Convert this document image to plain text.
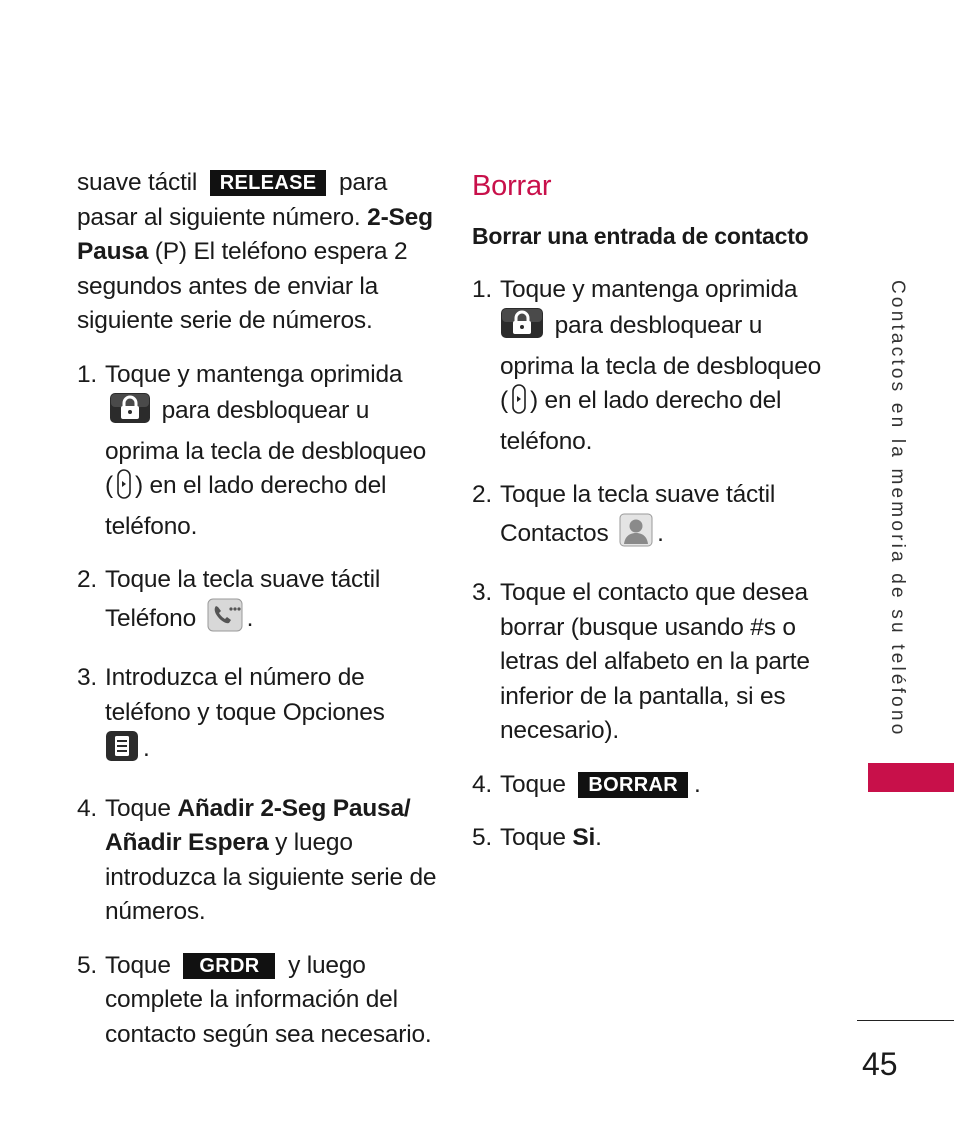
suave táctil RELEASE para pasar al siguiente número. 2-Seg Pausa (P) El teléfono espera 2 segundos antes de enviar la siguiente serie de números.

1. Toque y mantenga oprimida  para desbloquear u oprima la tecla de desbloqueo ( ) en el lado derecho del teléfono.
2. Toque la tecla suave táctil Teléfono .
3. Introduzca el número de teléfono y toque Opciones
.
4. Toque Añadir 2-Seg Pausa/ Añadir Espera y luego introduzca la siguiente serie de números.
5. Toque GRDR y luego complete la información del contacto según sea necesario.
Borrar
Borrar una entrada de contacto
1. Toque y mantenga oprimida
para desbloquear u oprima la tecla de desbloqueo ( ) en el lado derecho del teléfono.
2. Toque la tecla suave táctil Contactos .
3. Toque el contacto que desea borrar (busque usando #s o letras del alfabeto en la parte inferior de la pantalla, si es necesario).
4. Toque BORRAR .
5. Toque Si.
Contactos en la memoria de su teléfono
45
